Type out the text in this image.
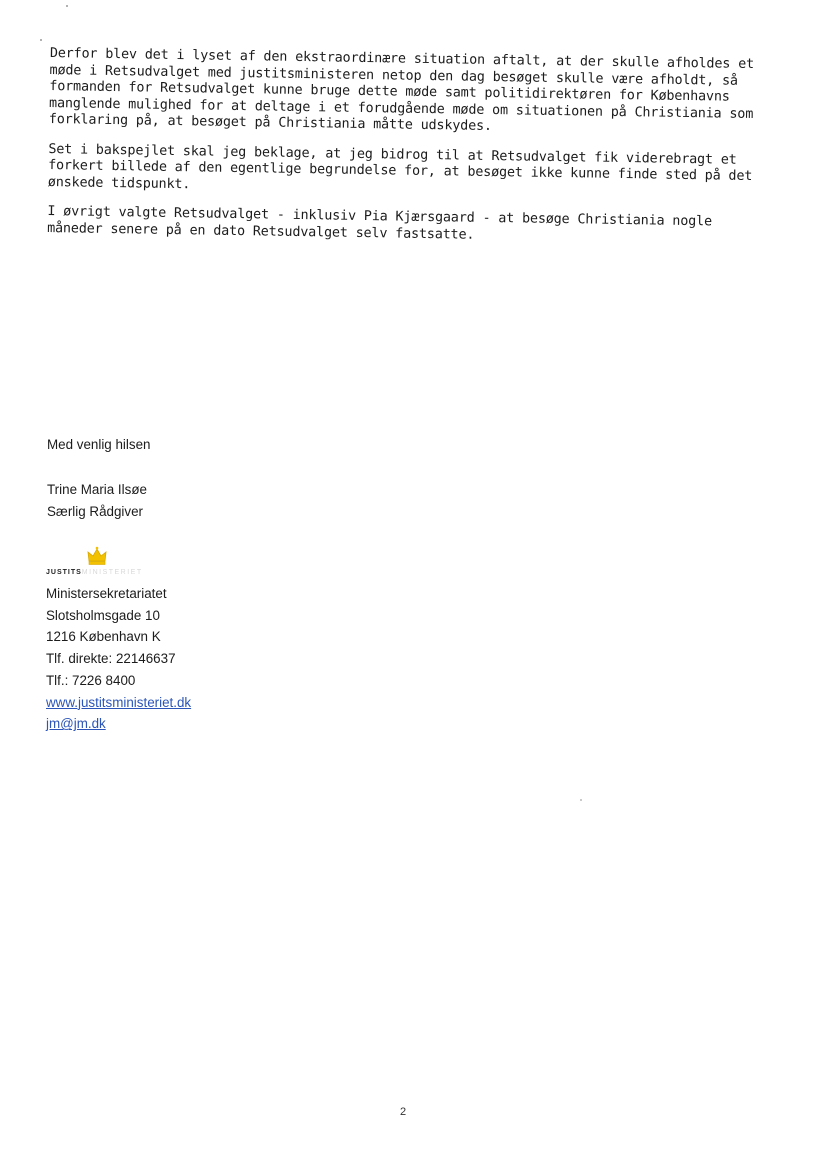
Derfor blev det i lyset af den ekstraordinære situation aftalt, at der skulle afholdes et møde i Retsudvalget med justitsministeren netop den dag besøget skulle være afholdt, så formanden for Retsudvalget kunne bruge dette møde samt politidirektøren for Københavns manglende mulighed for at deltage i et forudgående møde om situationen på Christiania som forklaring på, at besøget på Christiania måtte udskydes.

Set i bakspejlet skal jeg beklage, at jeg bidrog til at Retsudvalget fik viderebragt et forkert billede af den egentlige begrundelse for, at besøget ikke kunne finde sted på det ønskede tidspunkt.

I øvrigt valgte Retsudvalget - inklusiv Pia Kjærsgaard - at besøge Christiania nogle måneder senere på en dato Retsudvalget selv fastsatte.

Med venlig hilsen
Trine Maria Ilsøe
Særlig Rådgiver
JUSTITSMINISTERIET
Ministersekretariatet
Slotsholmsgade 10
1216 København K
Tlf. direkte: 22146637
Tlf.: 7226 8400
www.justitsministeriet.dk
jm@jm.dk
2
